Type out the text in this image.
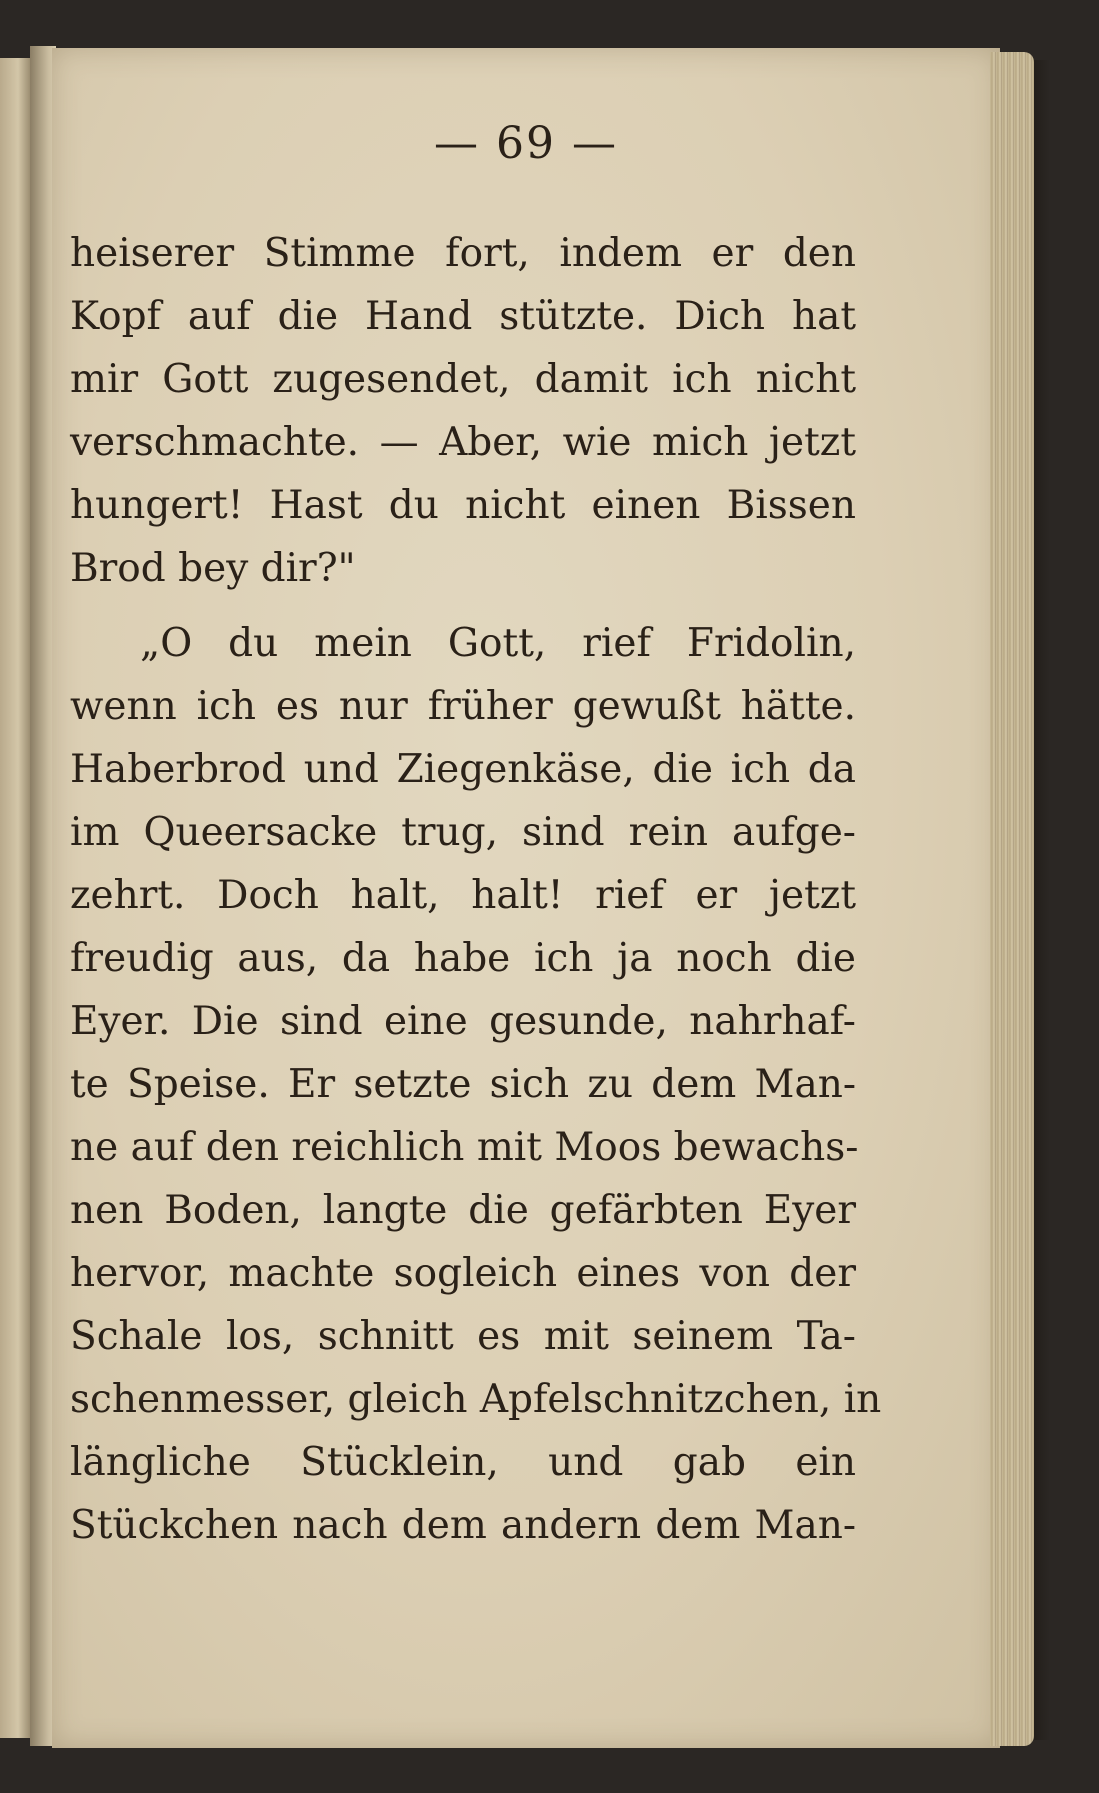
— 69 —
heiserer Stimme fort, indem er den
Kopf auf die Hand stützte. Dich hat
mir Gott zugesendet, damit ich nicht
verschmachte. — Aber, wie mich jetzt
hungert! Hast du nicht einen Bissen
Brod bey dir?"
„O du mein Gott, rief Fridolin,
wenn ich es nur früher gewußt hätte.
Haberbrod und Ziegenkäse, die ich da
im Queersacke trug, sind rein aufge-
zehrt. Doch halt, halt! rief er jetzt
freudig aus, da habe ich ja noch die
Eyer. Die sind eine gesunde, nahrhaf-
te Speise. Er setzte sich zu dem Man-
ne auf den reichlich mit Moos bewachs-
nen Boden, langte die gefärbten Eyer
hervor, machte sogleich eines von der
Schale los, schnitt es mit seinem Ta-
schenmesser, gleich Apfelschnitzchen, in
längliche Stücklein, und gab ein
Stückchen nach dem andern dem Man-
